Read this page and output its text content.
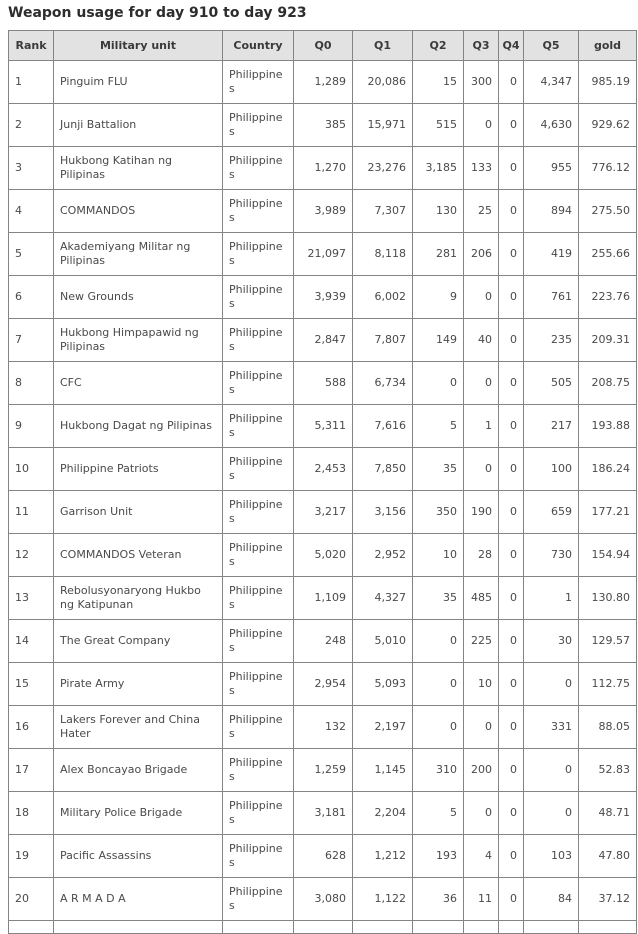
Weapon usage for day 910 to day 923
Rank	Military unit	Country	Q0	Q1	Q2	Q3	Q4	Q5	gold
1	Pinguim FLU	Philippines	1,289	20,086	15	300	0	4,347	985.19
2	Junji Battalion	Philippines	385	15,971	515	0	0	4,630	929.62
3	Hukbong Katihan ng Pilipinas	Philippines	1,270	23,276	3,185	133	0	955	776.12
4	COMMANDOS	Philippines	3,989	7,307	130	25	0	894	275.50
5	Akademiyang Militar ng Pilipinas	Philippines	21,097	8,118	281	206	0	419	255.66
6	New Grounds	Philippines	3,939	6,002	9	0	0	761	223.76
7	Hukbong Himpapawid ng Pilipinas	Philippines	2,847	7,807	149	40	0	235	209.31
8	CFC	Philippines	588	6,734	0	0	0	505	208.75
9	Hukbong Dagat ng Pilipinas	Philippines	5,311	7,616	5	1	0	217	193.88
10	Philippine Patriots	Philippines	2,453	7,850	35	0	0	100	186.24
11	Garrison Unit	Philippines	3,217	3,156	350	190	0	659	177.21
12	COMMANDOS Veteran	Philippines	5,020	2,952	10	28	0	730	154.94
13	Rebolusyonaryong Hukbo ng Katipunan	Philippines	1,109	4,327	35	485	0	1	130.80
14	The Great Company	Philippines	248	5,010	0	225	0	30	129.57
15	Pirate Army	Philippines	2,954	5,093	0	10	0	0	112.75
16	Lakers Forever and China Hater	Philippines	132	2,197	0	0	0	331	88.05
17	Alex Boncayao Brigade	Philippines	1,259	1,145	310	200	0	0	52.83
18	Military Police Brigade	Philippines	3,181	2,204	5	0	0	0	48.71
19	Pacific Assassins	Philippines	628	1,212	193	4	0	103	47.80
20	A R M A D A	Philippines	3,080	1,122	36	11	0	84	37.12
